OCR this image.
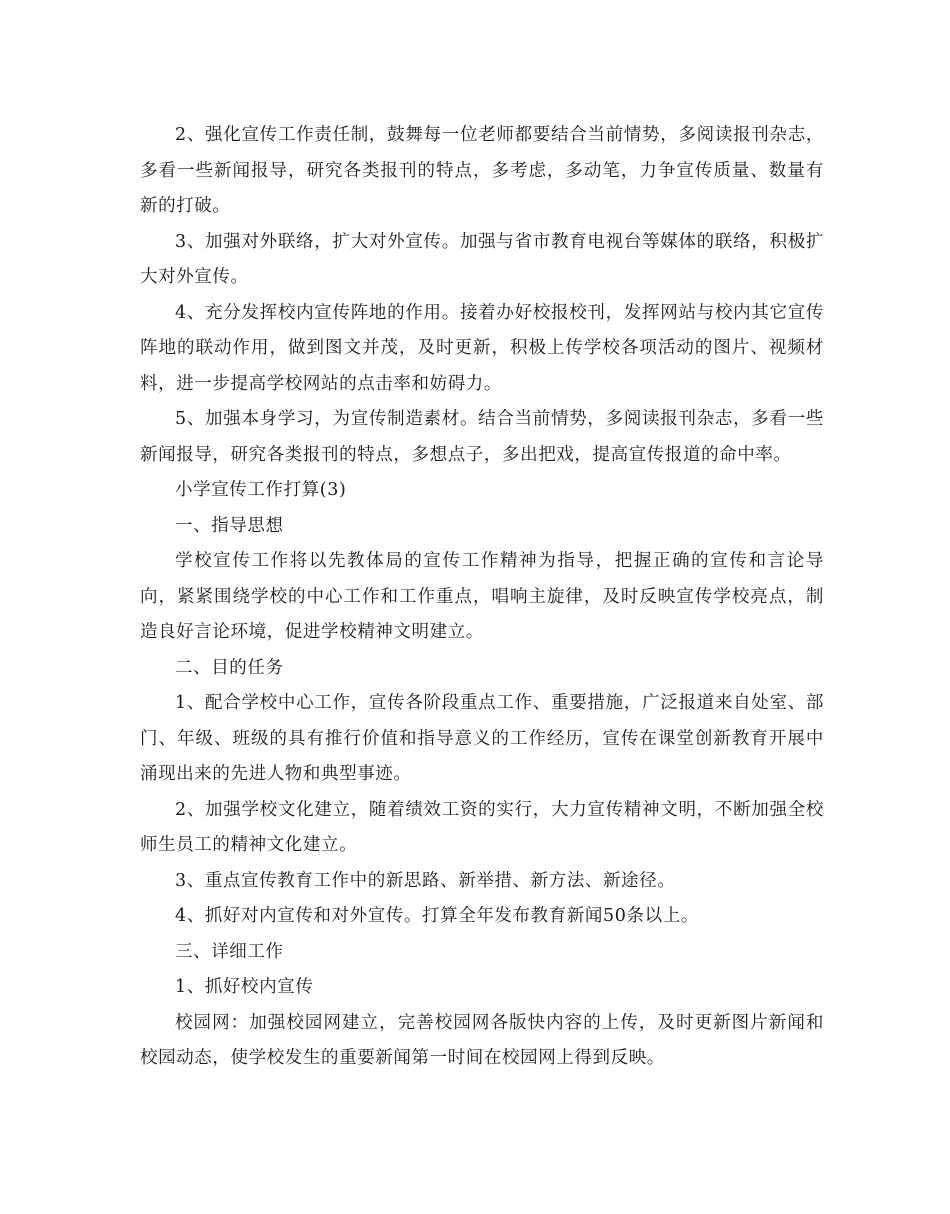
2、强化宣传工作责任制，鼓舞每一位老师都要结合当前情势，多阅读报刊杂志，多看一些新闻报导，研究各类报刊的特点，多考虑，多动笔，力争宣传质量、数量有新的打破。

3、加强对外联络，扩大对外宣传。加强与省市教育电视台等媒体的联络，积极扩大对外宣传。

4、充分发挥校内宣传阵地的作用。接着办好校报校刊，发挥网站与校内其它宣传阵地的联动作用，做到图文并茂，及时更新，积极上传学校各项活动的图片、视频材料，进一步提高学校网站的点击率和妨碍力。

5、加强本身学习，为宣传制造素材。结合当前情势，多阅读报刊杂志，多看一些新闻报导，研究各类报刊的特点，多想点子，多出把戏，提高宣传报道的命中率。

小学宣传工作打算(3)

一、指导思想

学校宣传工作将以先教体局的宣传工作精神为指导，把握正确的宣传和言论导向，紧紧围绕学校的中心工作和工作重点，唱响主旋律，及时反映宣传学校亮点，制造良好言论环境，促进学校精神文明建立。

二、目的任务

1、配合学校中心工作，宣传各阶段重点工作、重要措施，广泛报道来自处室、部门、年级、班级的具有推行价值和指导意义的工作经历，宣传在课堂创新教育开展中涌现出来的先进人物和典型事迹。

2、加强学校文化建立，随着绩效工资的实行，大力宣传精神文明，不断加强全校师生员工的精神文化建立。

3、重点宣传教育工作中的新思路、新举措、新方法、新途径。

4、抓好对内宣传和对外宣传。打算全年发布教育新闻50条以上。

三、详细工作

1、抓好校内宣传

校园网：加强校园网建立，完善校园网各版快内容的上传，及时更新图片新闻和校园动态，使学校发生的重要新闻第一时间在校园网上得到反映。
